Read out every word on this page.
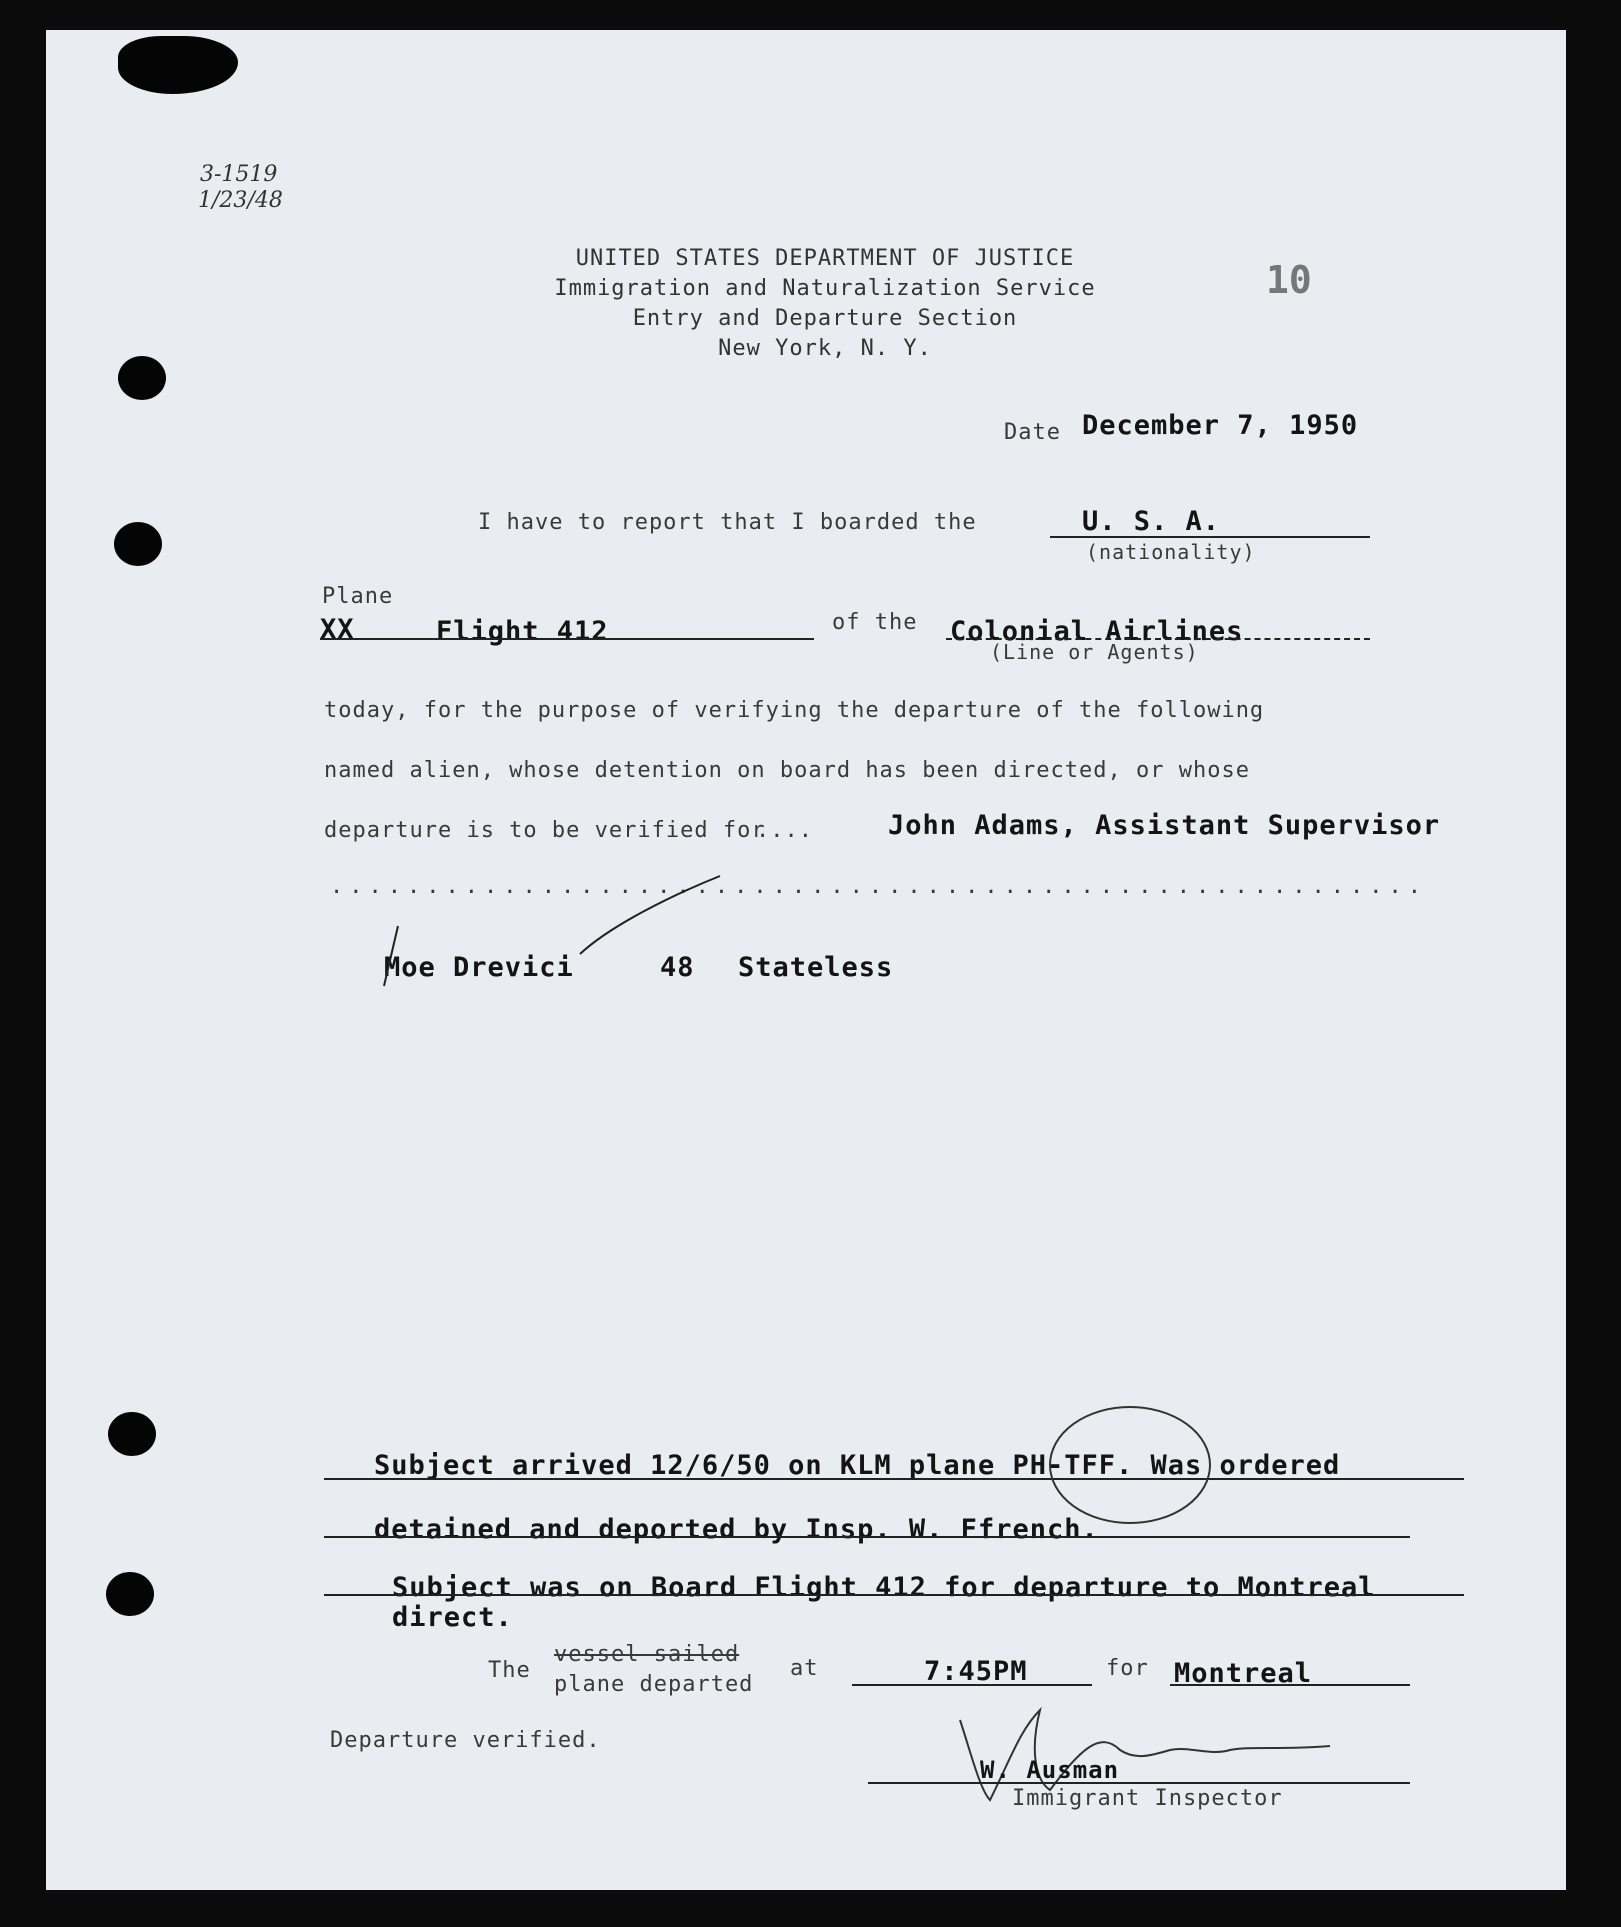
3-1519
1/23/48
UNITED STATES DEPARTMENT OF JUSTICE
Immigration and Naturalization Service
Entry and Departure Section
New York, N. Y.
10
Date December 7, 1950
I have to report that I boarded the	U. S. A.
(nationality)
Plane
XX	Flight 412	of the Colonial Airlines
(Line or Agents)
today, for the purpose of verifying the departure of the following
named alien, whose detention on board has been directed, or whose
departure is to be verified for
....	John Adams, Assistant Supervisor
.........................................................
Moe Drevici	48 Stateless
Subject arrived 12/6/50 on KLM plane PH-TFF. Was ordered
detained and deported by Insp. W. Ffrench.
Subject was on Board Flight 412 for departure to Montreal
direct.
The
vessel sailed
plane departed
at	7:45PM	for Montreal
Departure verified.
W. Ausman
Immigrant Inspector
